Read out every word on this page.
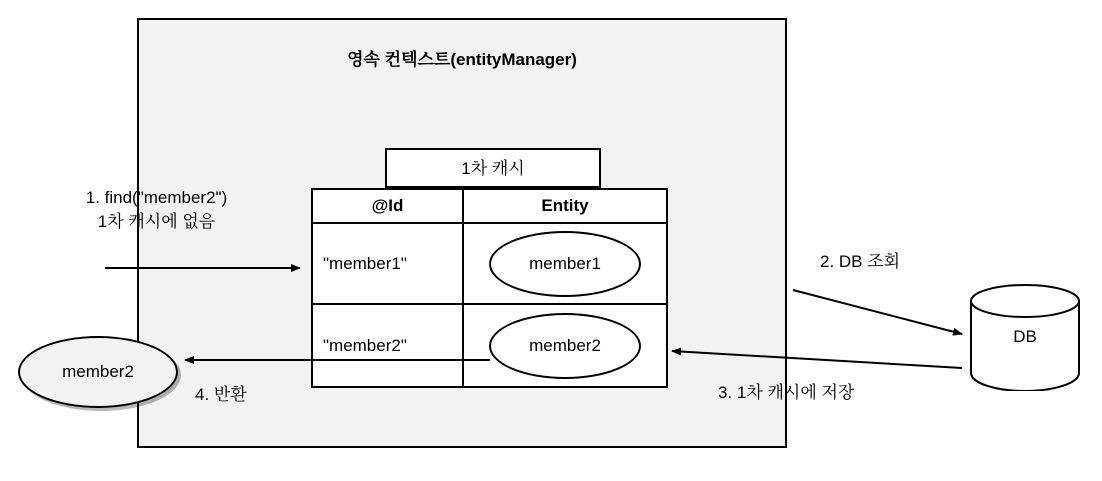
영속 컨텍스트(entityManager)
1차 캐시
@Id	Entity
"member1"	member1
"member2"	member2
member2
DB
1. find("member2")
1차 캐시에 없음
2. DB 조회
3. 1차 캐시에 저장
4. 반환
